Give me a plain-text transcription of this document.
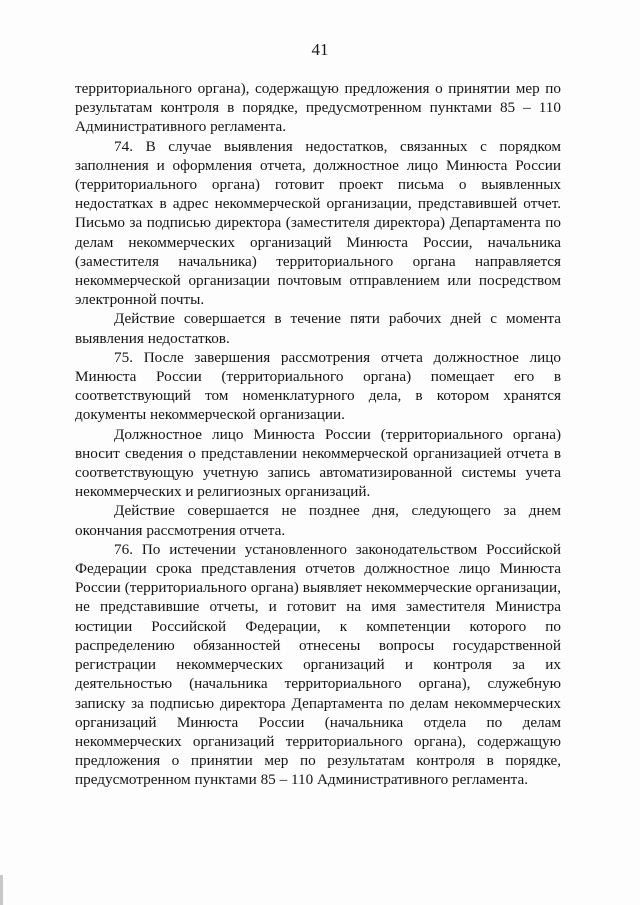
41

территориального органа), содержащую предложения о принятии мер по результатам контроля в порядке, предусмотренном пунктами 85 – 110 Административного регламента.

74. В случае выявления недостатков, связанных с порядком заполнения и оформления отчета, должностное лицо Минюста России (территориального органа) готовит проект письма о выявленных недостатках в адрес некоммерческой организации, представившей отчет. Письмо за подписью директора (заместителя директора) Департамента по делам некоммерческих организаций Минюста России, начальника (заместителя начальника) территориального органа направляется некоммерческой организации почтовым отправлением или посредством электронной почты.

Действие совершается в течение пяти рабочих дней с момента выявления недостатков.

75. После завершения рассмотрения отчета должностное лицо Минюста России (территориального органа) помещает его в соответствующий том номенклатурного дела, в котором хранятся документы некоммерческой организации.

Должностное лицо Минюста России (территориального органа) вносит сведения о представлении некоммерческой организацией отчета в соответствующую учетную запись автоматизированной системы учета некоммерческих и религиозных организаций.

Действие совершается не позднее дня, следующего за днем окончания рассмотрения отчета.

76. По истечении установленного законодательством Российской Федерации срока представления отчетов должностное лицо Минюста России (территориального органа) выявляет некоммерческие организации, не представившие отчеты, и готовит на имя заместителя Министра юстиции Российской Федерации, к компетенции которого по распределению обязанностей отнесены вопросы государственной регистрации некоммерческих организаций и контроля за их деятельностью (начальника территориального органа), служебную записку за подписью директора Департамента по делам некоммерческих организаций Минюста России (начальника отдела по делам некоммерческих организаций территориального органа), содержащую предложения о принятии мер по результатам контроля в порядке, предусмотренном пунктами 85 – 110 Административного регламента.
